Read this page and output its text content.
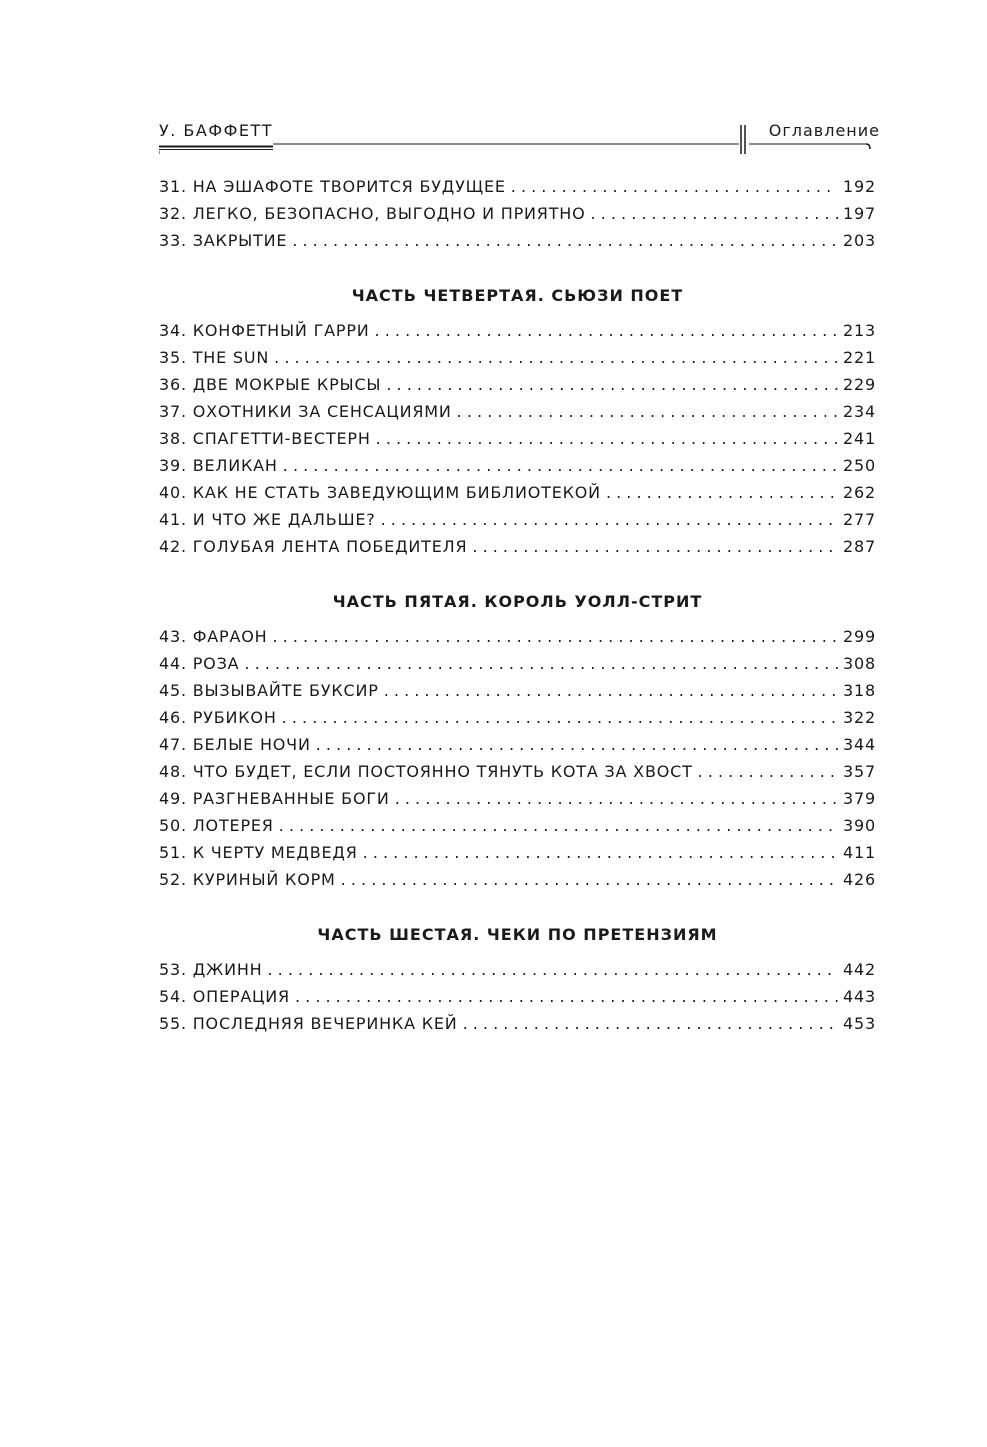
У. БАФФЕТТ	Оглавление
31. НА ЭШАФОТЕ ТВОРИТСЯ БУДУЩЕЕ . . .	192
32. ЛЕГКО, БЕЗОПАСНО, ВЫГОДНО И ПРИЯТНО . . .	197
33. ЗАКРЫТИЕ . . .	203
ЧАСТЬ ЧЕТВЕРТАЯ. СЬЮЗИ ПОЕТ
34. КОНФЕТНЫЙ ГАРРИ . . .	213
35. THE SUN . . .	221
36. ДВЕ МОКРЫЕ КРЫСЫ . . .	229
37. ОХОТНИКИ ЗА СЕНСАЦИЯМИ . . .	234
38. СПАГЕТТИ-ВЕСТЕРН . . .	241
39. ВЕЛИКАН . . .	250
40. КАК НЕ СТАТЬ ЗАВЕДУЮЩИМ БИБЛИОТЕКОЙ . . .	262
41. И ЧТО ЖЕ ДАЛЬШЕ? . . .	277
42. ГОЛУБАЯ ЛЕНТА ПОБЕДИТЕЛЯ . . .	287
ЧАСТЬ ПЯТАЯ. КОРОЛЬ УОЛЛ-СТРИТ
43. ФАРАОН . . .	299
44. РОЗА . . .	308
45. ВЫЗЫВАЙТЕ БУКСИР . . .	318
46. РУБИКОН . . .	322
47. БЕЛЫЕ НОЧИ . . .	344
48. ЧТО БУДЕТ, ЕСЛИ ПОСТОЯННО ТЯНУТЬ КОТА ЗА ХВОСТ . . .	357
49. РАЗГНЕВАННЫЕ БОГИ . . .	379
50. ЛОТЕРЕЯ . . .	390
51. К ЧЕРТУ МЕДВЕДЯ . . .	411
52. КУРИНЫЙ КОРМ . . .	426
ЧАСТЬ ШЕСТАЯ. ЧЕКИ ПО ПРЕТЕНЗИЯМ
53. ДЖИНН . . .	442
54. ОПЕРАЦИЯ . . .	443
55. ПОСЛЕДНЯЯ ВЕЧЕРИНКА КЕЙ . . .	453
